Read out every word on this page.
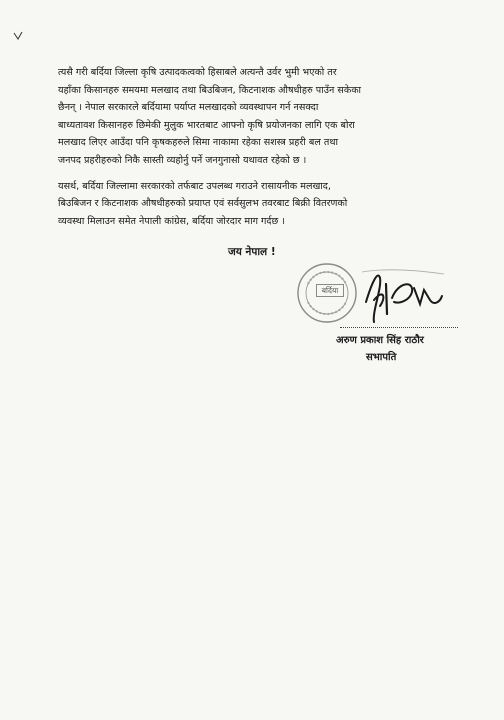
त्यसै गरी बर्दिया जिल्ला कृषि उत्पादकत्वको हिसाबले अत्यन्तै उर्वर भुमी भएको तर
यहाँका किसानहरु समयमा मलखाद तथा बिउबिजन, किटनाशक औषधीहरु पाउँन सकेका
छैनन् । नेपाल सरकारले बर्दियामा पर्याप्त मलखादको व्यवस्थापन गर्न नसक्दा
बाध्यतावश किसानहरु छिमेकी मुलुक भारतबाट आफ्नो कृषि प्रयोजनका लागि एक बोरा
मलखाद लिएर आउँदा पनि कृषकहरुले सिमा नाकामा रहेका सशस्त्र प्रहरी बल तथा
जनपद प्रहरीहरुको निकै सास्ती व्यहोर्नु पर्ने जनगुनासो यथावत रहेको छ ।

यसर्थ, बर्दिया जिल्लामा सरकारको तर्फबाट उपलब्ध गराउने रासायनीक मलखाद,
बिउबिजन र किटनाशक औषधीहरुको प्रयाप्त एवं सर्वसुलभ तवरबाट बिक्री वितरणको
व्यवस्था मिलाउन समेत नेपाली कांग्रेस, बर्दिया जोरदार माग गर्दछ ।

जय नेपाल !
बर्दिया
अरुण प्रकाश सिंह राठौर
सभापति
